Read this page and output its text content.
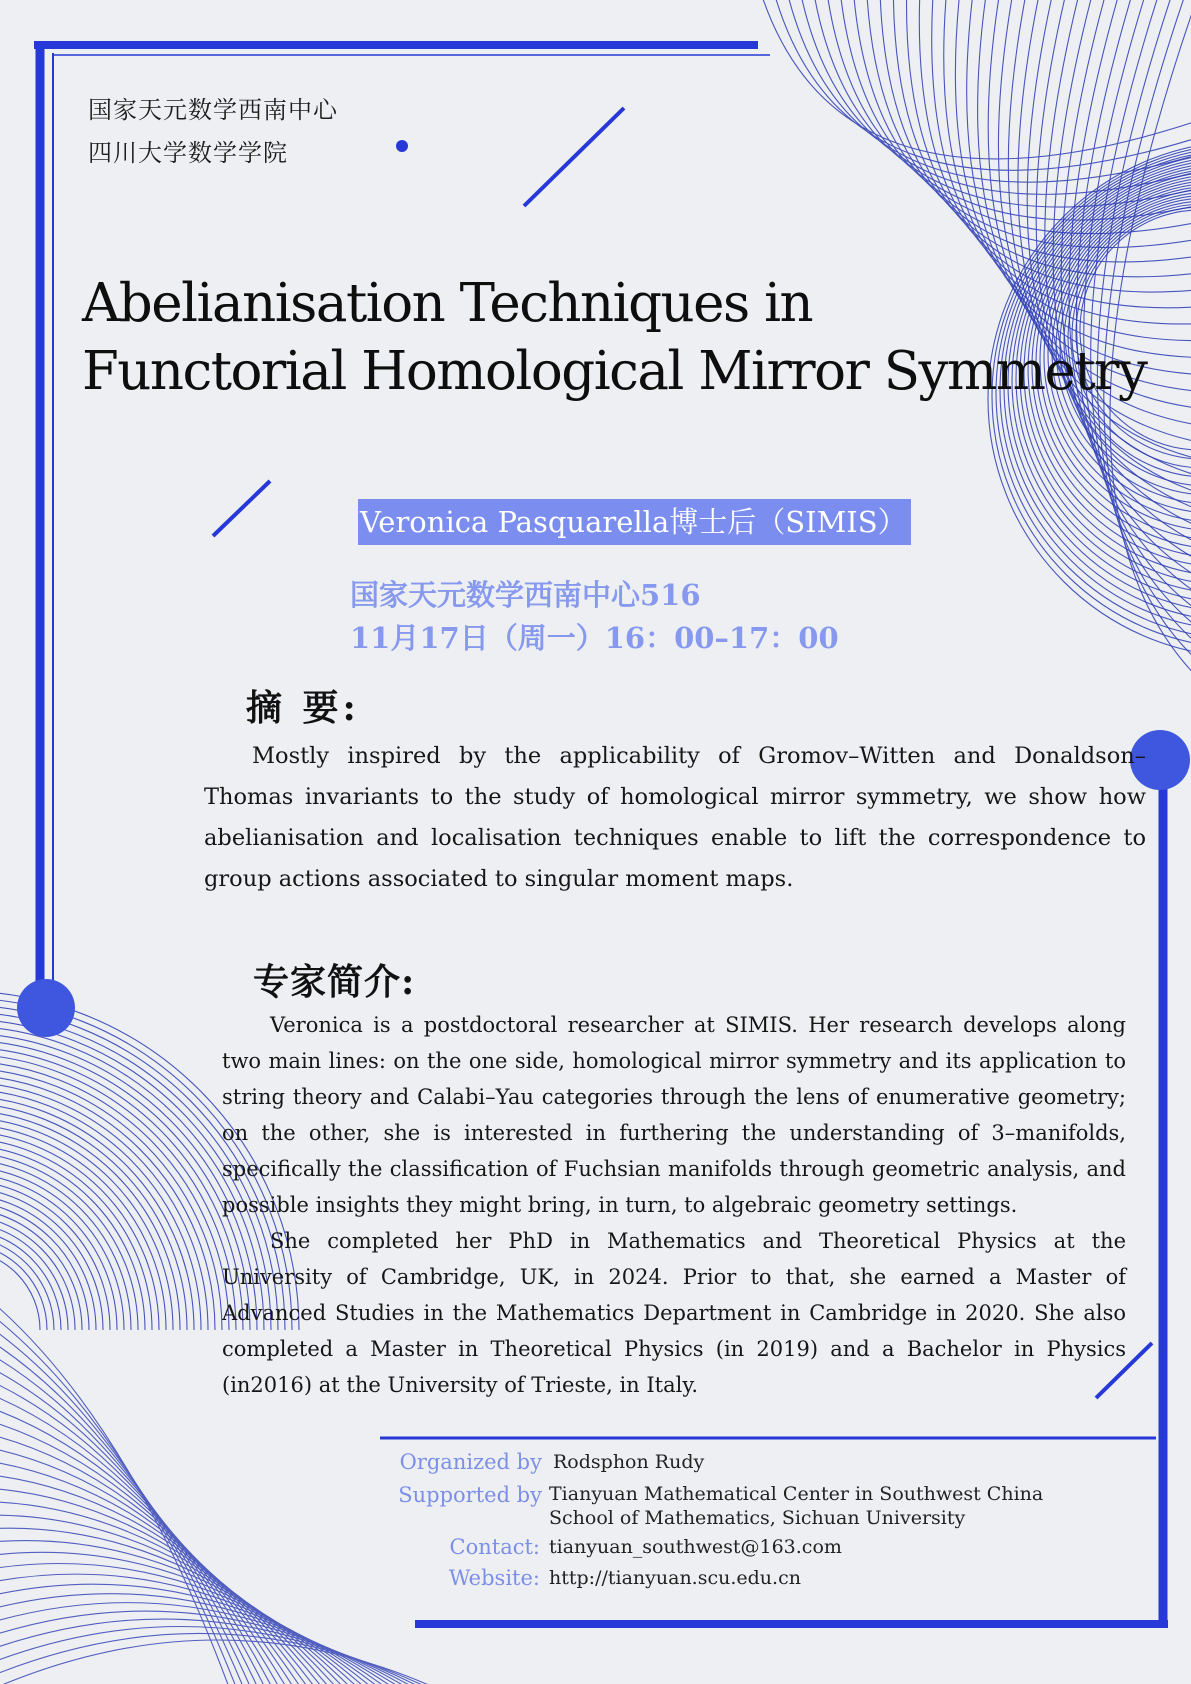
国家天元数学西南中心
四川大学数学学院
Abelianisation Techniques in
Functorial Homological Mirror Symmetry
Veronica Pasquarella博士后（SIMIS）
国家天元数学西南中心516
11月17日（周一）16：00–17：00
摘 要:

Mostly inspired by the applicability of Gromov–Witten and Donaldson–Thomas invariants to the study of homological mirror symmetry, we show how abelianisation and localisation techniques enable to lift the correspondence to group actions associated to singular moment maps.

专家简介:

Veronica is a postdoctoral researcher at SIMIS. Her research develops along two main lines: on the one side, homological mirror symmetry and its application to string theory and Calabi–Yau categories through the lens of enumerative geometry; on the other, she is interested in furthering the understanding of 3–manifolds, specifically the classification of Fuchsian manifolds through geometric analysis, and possible insights they might bring, in turn, to algebraic geometry settings.

She completed her PhD in Mathematics and Theoretical Physics at the University of Cambridge, UK, in 2024. Prior to that, she earned a Master of Advanced Studies in the Mathematics Department in Cambridge in 2020. She also completed a Master in Theoretical Physics (in 2019) and a Bachelor in Physics (in2016) at the University of Trieste, in Italy.

Organized by Rodsphon Rudy
Supported by Tianyuan Mathematical Center in Southwest China
School of Mathematics, Sichuan University
Contact: tianyuan_southwest@163.com
Website: http://tianyuan.scu.edu.cn
